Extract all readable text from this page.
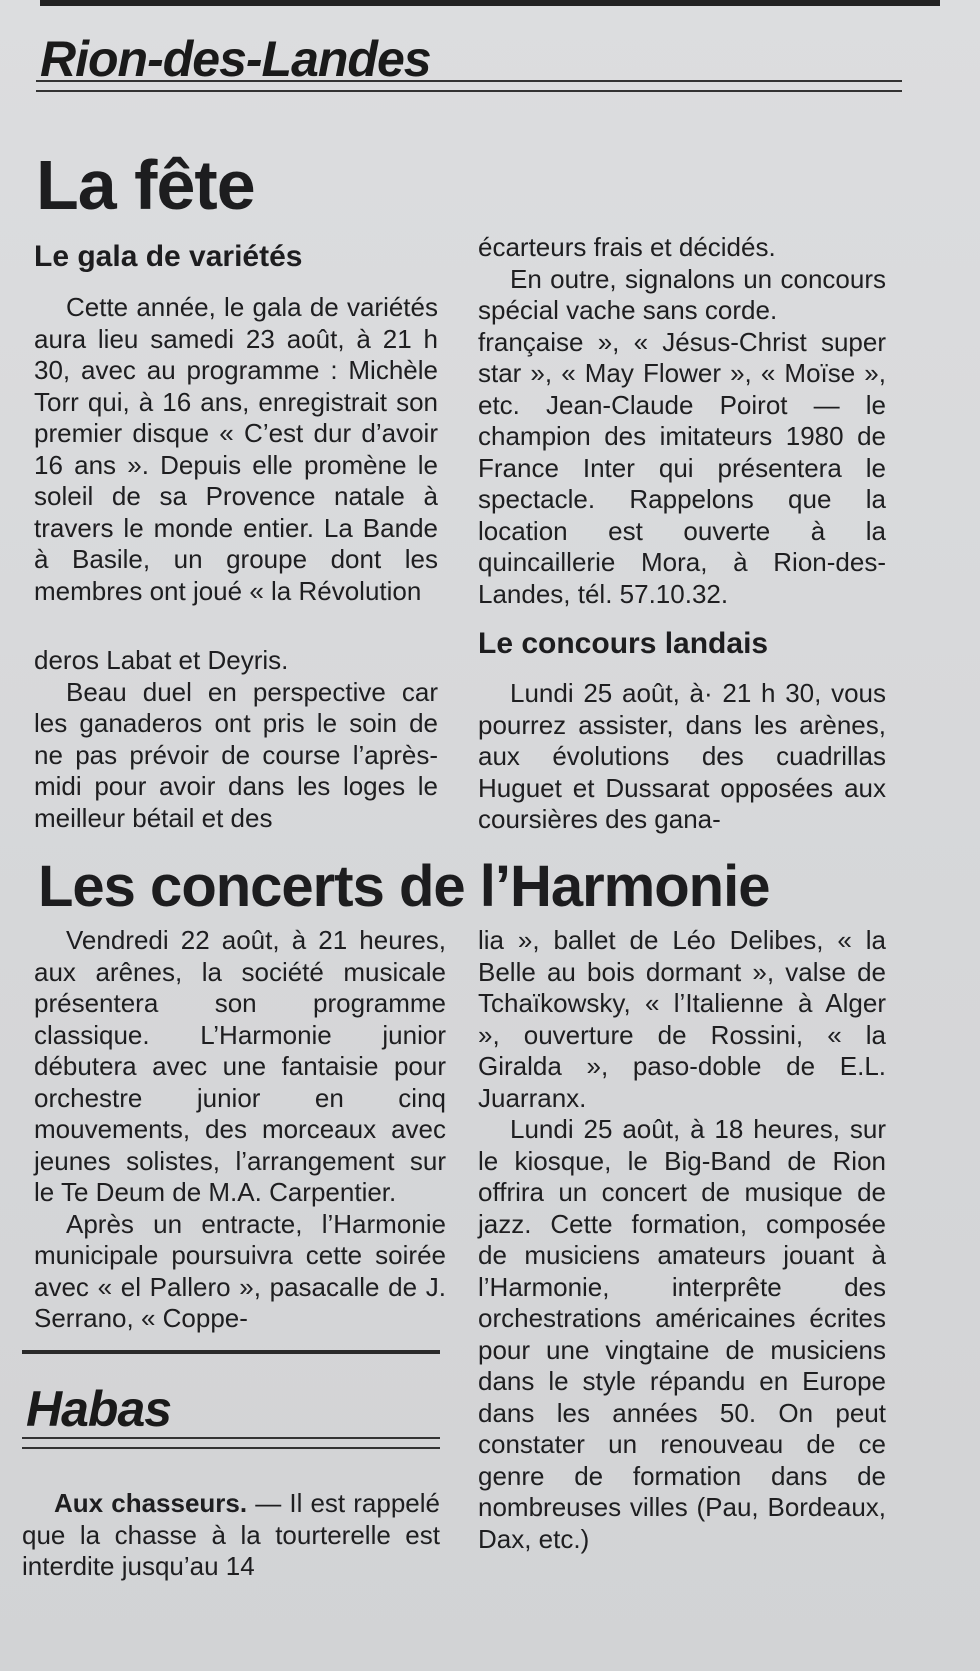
Rion-des-Landes
La fête
Le gala de variétés

Cette année, le gala de variétés aura lieu samedi 23 août, à 21 h 30, avec au programme : Michèle Torr qui, à 16 ans, enregistrait son premier disque « C’est dur d’avoir 16 ans ». Depuis elle promène le soleil de sa Provence natale à travers le monde entier. La Bande à Basile, un groupe dont les membres ont joué « la Révolution

deros Labat et Deyris.

Beau duel en perspective car les ganaderos ont pris le soin de ne pas prévoir de course l’après-midi pour avoir dans les loges le meilleur bétail et des

écarteurs frais et décidés.

En outre, signalons un concours spécial vache sans corde.

française », « Jésus-Christ super star », « May Flower », « Moïse », etc. Jean-Claude Poirot — le champion des imitateurs 1980 de France Inter qui présentera le spectacle. Rappelons que la location est ouverte à la quincaillerie Mora, à Rion-des-Landes, tél. 57.10.32.

Le concours landais

Lundi 25 août, à· 21 h 30, vous pourrez assister, dans les arènes, aux évolutions des cuadrillas Huguet et Dussarat opposées aux coursières des gana-

Les concerts de l’Harmonie

Vendredi 22 août, à 21 heures, aux arênes, la société musicale présentera son programme classique. L’Harmonie junior débutera avec une fantaisie pour orchestre junior en cinq mouvements, des morceaux avec jeunes solistes, l’arrangement sur le Te Deum de M.A. Carpentier.

Après un entracte, l’Harmonie municipale poursuivra cette soirée avec « el Pallero », pasacalle de J. Serrano, « Coppe-

lia », ballet de Léo Delibes, « la Belle au bois dormant », valse de Tchaïkowsky, « l’Italienne à Alger », ouverture de Rossini, « la Giralda », paso-doble de E.L. Juarranx.

Lundi 25 août, à 18 heures, sur le kiosque, le Big-Band de Rion offrira un concert de musique de jazz. Cette formation, composée de musiciens amateurs jouant à l’Harmonie, interprête des orchestrations américaines écrites pour une vingtaine de musiciens dans le style répandu en Europe dans les années 50. On peut constater un renouveau de ce genre de formation dans de nombreuses villes (Pau, Bordeaux, Dax, etc.)

Habas

Aux chasseurs. — Il est rappelé que la chasse à la tourterelle est interdite jusqu’au 14
